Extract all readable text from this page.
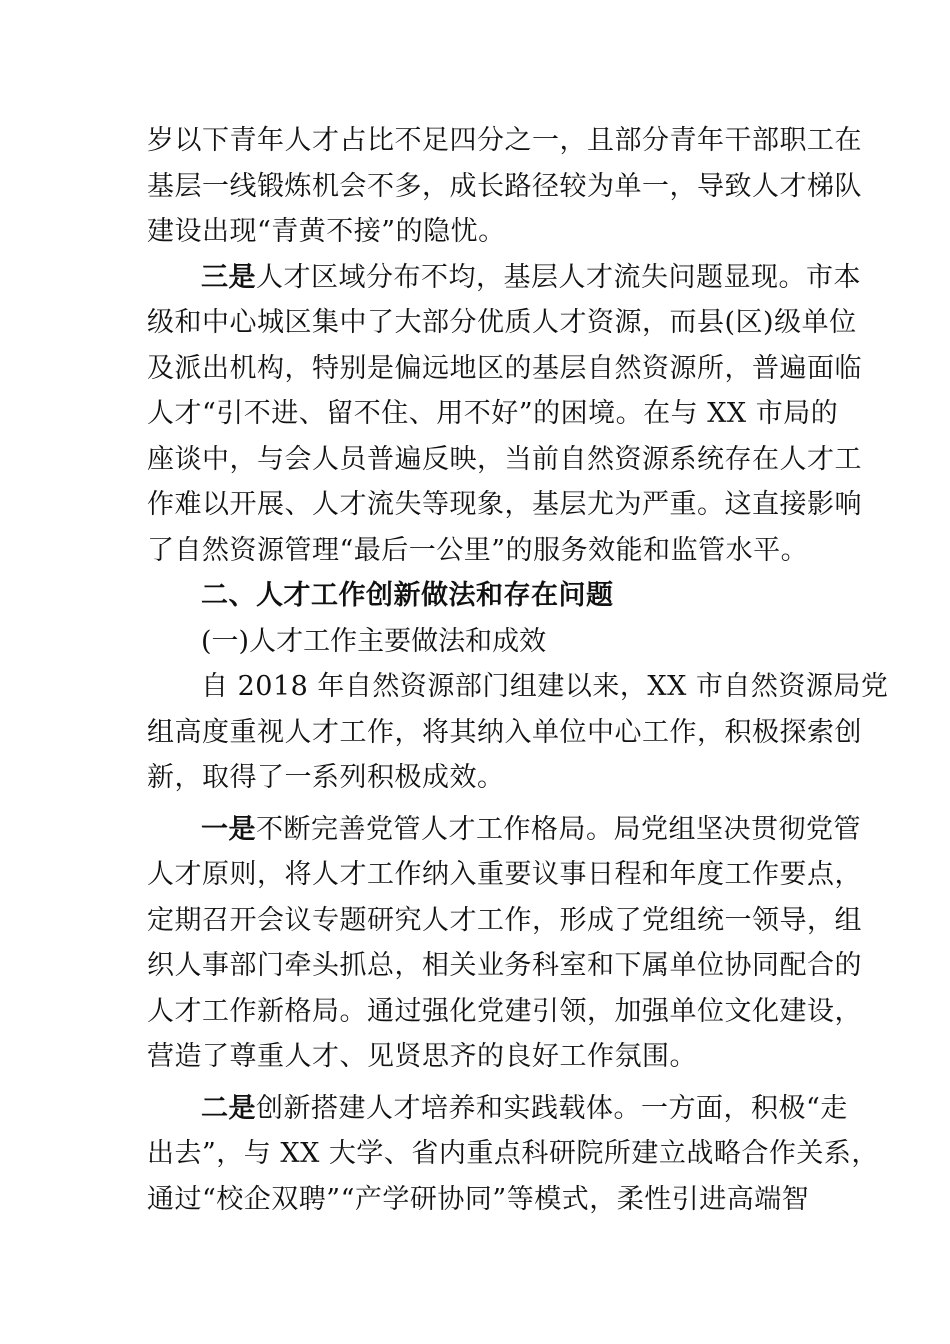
岁以下青年人才占比不足四分之一，且部分青年干部职工在
基层一线锻炼机会不多，成长路径较为单一，导致人才梯队
建设出现“青黄不接”的隐忧。
三是人才区域分布不均，基层人才流失问题显现。市本
级和中心城区集中了大部分优质人才资源，而县(区)级单位
及派出机构，特别是偏远地区的基层自然资源所，普遍面临
人才“引不进、留不住、用不好”的困境。在与 XX 市局的
座谈中，与会人员普遍反映，当前自然资源系统存在人才工
作难以开展、人才流失等现象，基层尤为严重。这直接影响
了自然资源管理“最后一公里”的服务效能和监管水平。
二、人才工作创新做法和存在问题
(一)人才工作主要做法和成效
自 2018 年自然资源部门组建以来，XX 市自然资源局党
组高度重视人才工作，将其纳入单位中心工作，积极探索创
新，取得了一系列积极成效。
一是不断完善党管人才工作格局。局党组坚决贯彻党管
人才原则，将人才工作纳入重要议事日程和年度工作要点，
定期召开会议专题研究人才工作，形成了党组统一领导，组
织人事部门牵头抓总，相关业务科室和下属单位协同配合的
人才工作新格局。通过强化党建引领，加强单位文化建设，
营造了尊重人才、见贤思齐的良好工作氛围。
二是创新搭建人才培养和实践载体。一方面，积极“走
出去”，与 XX 大学、省内重点科研院所建立战略合作关系，
通过“校企双聘”“产学研协同”等模式，柔性引进高端智
